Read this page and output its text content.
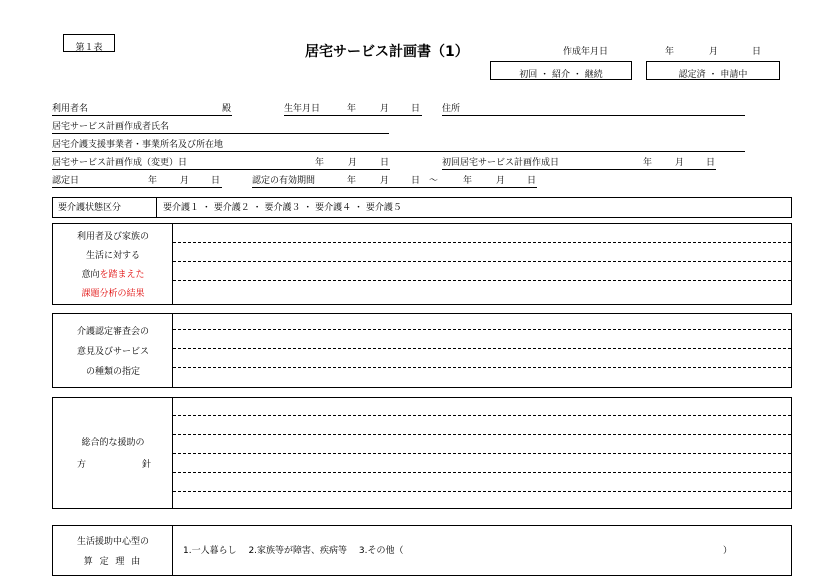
第１表	居宅サービス計画書（1）	作成年月日	年	月	日
初回 ・ 紹介 ・ 継続	認定済 ・ 申請中
利用者名	殿	生年月日	年	月 日 住所
居宅サービス計画作成者氏名
居宅介護支援事業者・事業所名及び所在地
居宅サービス計画作成（変更）日	年	月	日	初回居宅サービス計画作成日	年	月 日
認定日	年	月 日	認定の有効期間	年	月 日 ～	年	月 日
要介護状態区分	要介護１ ・ 要介護２ ・ 要介護３ ・ 要介護４ ・ 要介護５
利用者及び家族の
生活に対する
意向を踏まえた
課題分析の結果
介護認定審査会の
意見及びサービス
の種類の指定
総合的な援助の
方	針
生活援助中心型の
算 定 理 由
1.一人暮らし　 2.家族等が障害、疾病等　 3.その他（	）
